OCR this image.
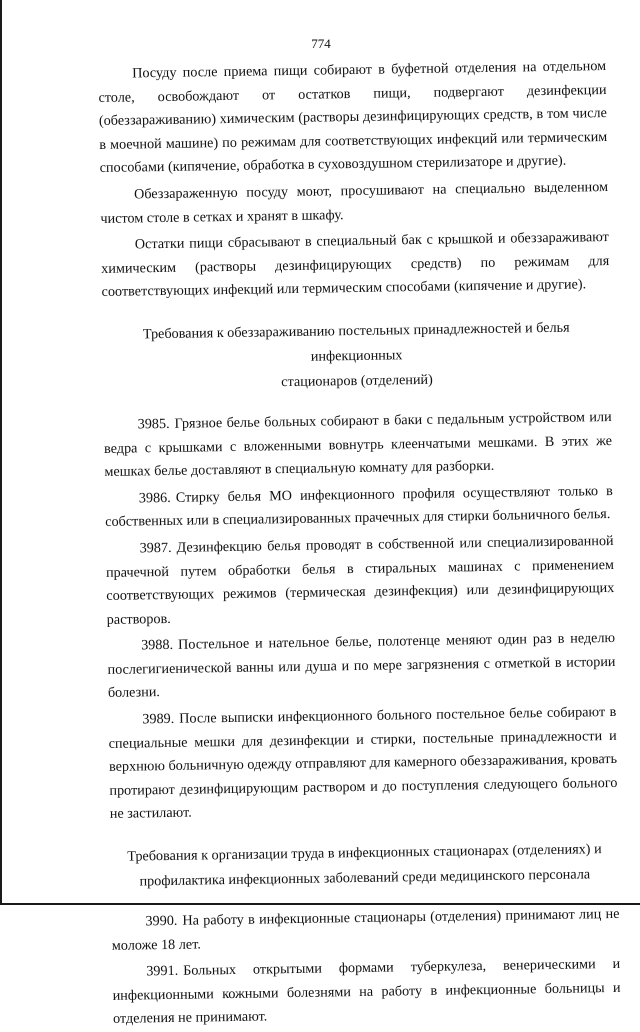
774

Посуду после приема пищи собирают в буфетной отделения на отдельном столе, освобождают от остатков пищи, подвергают дезинфекции (обеззараживанию) химическим (растворы дезинфицирующих средств, в том числе в моечной машине) по режимам для соответствующих инфекций или термическим способами (кипячение, обработка в суховоздушном стерилизаторе и другие).

Обеззараженную посуду моют, просушивают на специально выделенном чистом столе в сетках и хранят в шкафу.

Остатки пищи сбрасывают в специальный бак с крышкой и обеззараживают химическим (растворы дезинфицирующих средств) по режимам для соответствующих инфекций или термическим способами (кипячение и другие).

Требования к обеззараживанию постельных принадлежностей и белья инфекционных
стационаров (отделений)

3985. Грязное белье больных собирают в баки с педальным устройством или ведра с крышками с вложенными вовнутрь клеенчатыми мешками. В этих же мешках белье доставляют в специальную комнату для разборки.

3986. Стирку белья МО инфекционного профиля осуществляют только в собственных или в специализированных прачечных для стирки больничного белья.

3987. Дезинфекцию белья проводят в собственной или специализированной прачечной путем обработки белья в стиральных машинах с применением соответствующих режимов (термическая дезинфекция) или дезинфицирующих растворов.

3988. Постельное и нательное белье, полотенце меняют один раз в неделю послегигиенической ванны или душа и по мере загрязнения с отметкой в истории болезни.

3989. После выписки инфекционного больного постельное белье собирают в специальные мешки для дезинфекции и стирки, постельные принадлежности и верхнюю больничную одежду отправляют для камерного обеззараживания, кровать протирают дезинфицирующим раствором и до поступления следующего больного не застилают.

Требования к организации труда в инфекционных стационарах (отделениях) и
профилактика инфекционных заболеваний среди медицинского персонала

3990. На работу в инфекционные стационары (отделения) принимают лиц не моложе 18 лет.

3991. Больных открытыми формами туберкулеза, венерическими и инфекционными кожными болезнями на работу в инфекционные больницы и отделения не принимают.
